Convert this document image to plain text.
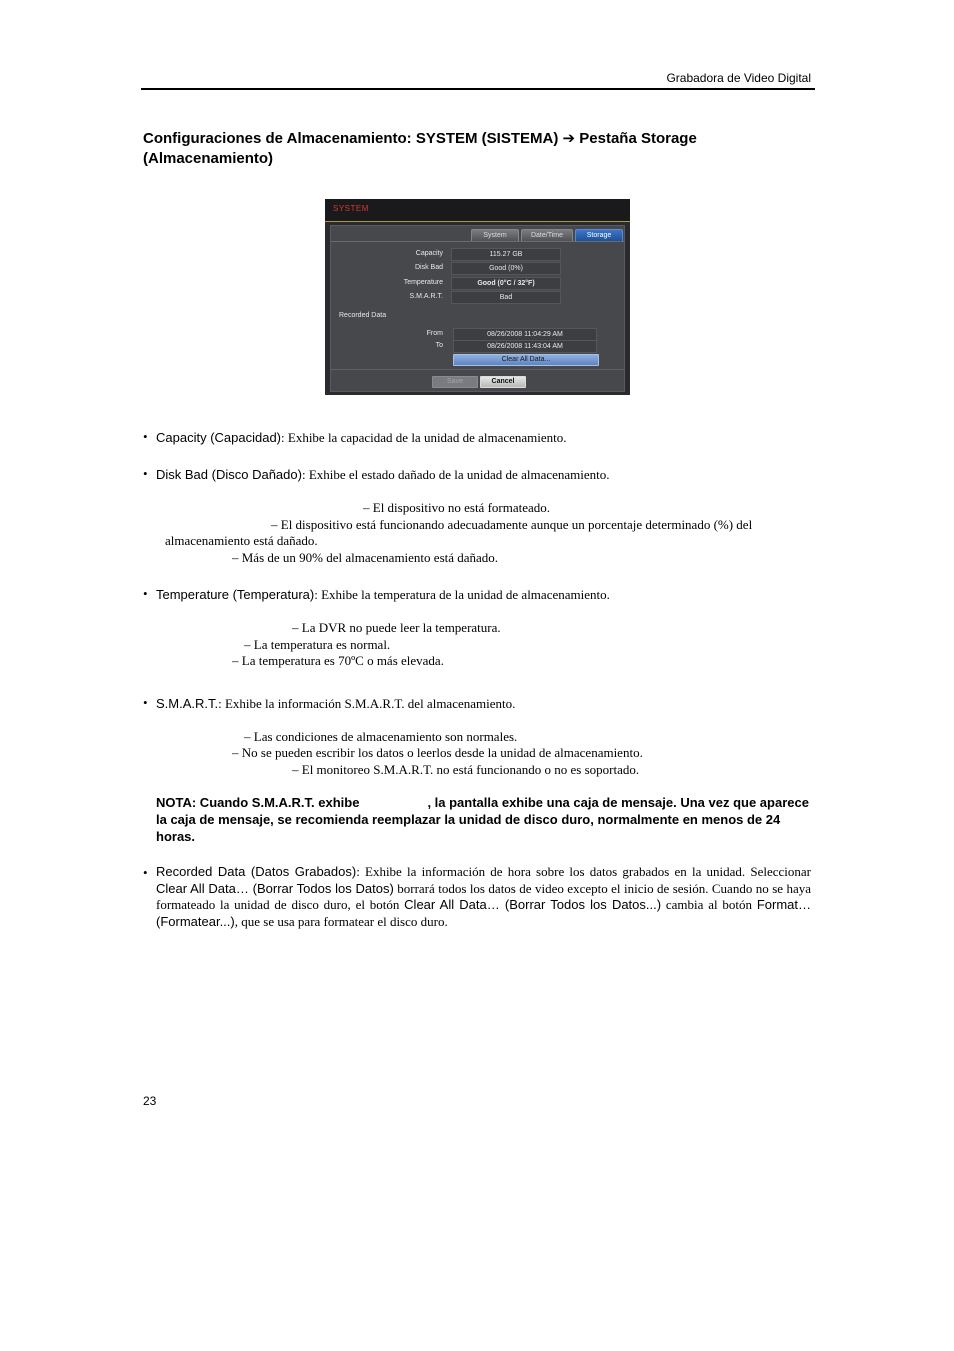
Grabadora de Video Digital
Configuraciones de Almacenamiento: SYSTEM (SISTEMA) ➔ Pestaña Storage
(Almacenamiento)
SYSTEM
System	Date/Time	Storage
Capacity	115.27 GB
Disk Bad	Good (0%)
Temperature	Good (0°C / 32°F)
S.M.A.R.T.	Bad
Recorded Data
From	08/26/2008 11:04:29 AM
To	08/26/2008 11:43:04 AM
Clear All Data...
Save	Cancel
• Capacity (Capacidad): Exhibe la capacidad de la unidad de almacenamiento.
• Disk Bad (Disco Dañado): Exhibe el estado dañado de la unidad de almacenamiento.
– El dispositivo no está formateado.
– El dispositivo está funcionando adecuadamente aunque un porcentaje determinado (%) del
almacenamiento está dañado.
– Más de un 90% del almacenamiento está dañado.
• Temperature (Temperatura): Exhibe la temperatura de la unidad de almacenamiento.
– La DVR no puede leer la temperatura.
– La temperatura es normal.
– La temperatura es 70ºC o más elevada.
• S.M.A.R.T.: Exhibe la información S.M.A.R.T. del almacenamiento.
– Las condiciones de almacenamiento son normales.
– No se pueden escribir los datos o leerlos desde la unidad de almacenamiento.
– El monitoreo S.M.A.R.T. no está funcionando o no es soportado.
NOTA: Cuando S.M.A.R.T. exhibe	, la pantalla exhibe una caja de mensaje. Una vez que aparece la caja de mensaje, se recomienda reemplazar la unidad de disco duro, normalmente en menos de 24 horas.
• Recorded Data (Datos Grabados): Exhibe la información de hora sobre los datos grabados en la unidad. Seleccionar Clear All Data… (Borrar Todos los Datos) borrará todos los datos de video excepto el inicio de sesión. Cuando no se haya formateado la unidad de disco duro, el botón Clear All Data… (Borrar Todos los Datos...) cambia al botón Format… (Formatear...), que se usa para formatear el disco duro.
23
